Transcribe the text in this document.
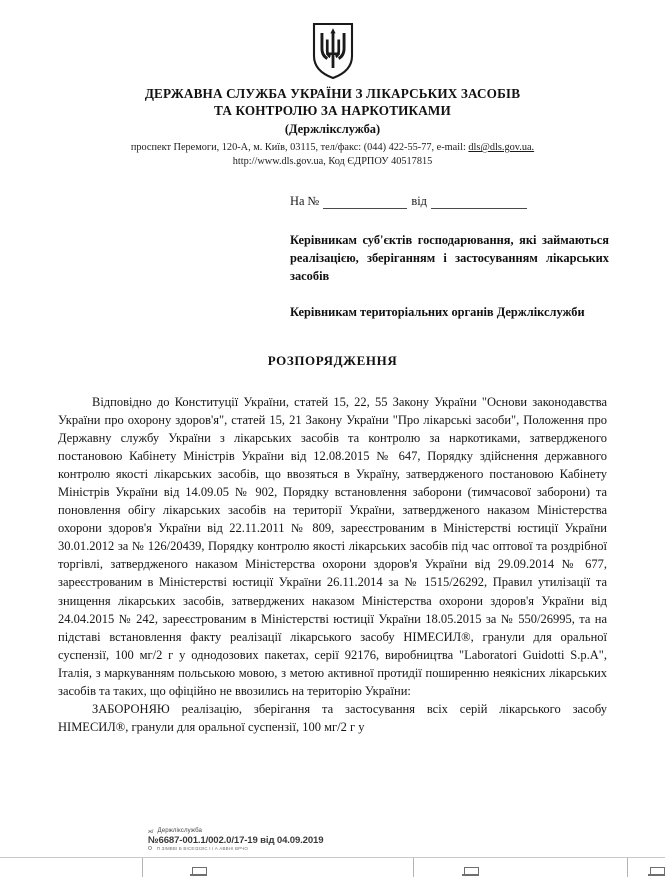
ДЕРЖАВНА СЛУЖБА УКРАЇНИ З ЛІКАРСЬКИХ ЗАСОБІВ
ТА КОНТРОЛЮ ЗА НАРКОТИКАМИ
(Держлікслужба)
проспект Перемоги, 120-А, м. Київ, 03115, тел/факс: (044) 422-55-77, e-mail: dls@dls.gov.ua.
http://www.dls.gov.ua, Код ЄДРПОУ 40517815
На №	від
Керівникам суб'єктів господарювання, які займаються реалізацією, зберіганням і застосуванням лікарських засобів
Керівникам територіальних органів Держлікслужби
РОЗПОРЯДЖЕННЯ

Відповідно до Конституції України, статей 15, 22, 55 Закону України "Основи законодавства України про охорону здоров'я", статей 15, 21 Закону України "Про лікарські засоби", Положення про Державну службу України з лікарських засобів та контролю за наркотиками, затвердженого постановою Кабінету Міністрів України від 12.08.2015 № 647, Порядку здійснення державного контролю якості лікарських засобів, що ввозяться в Україну, затвердженого постановою Кабінету Міністрів України від 14.09.05 № 902, Порядку встановлення заборони (тимчасової заборони) та поновлення обігу лікарських засобів на території України, затвердженого наказом Міністерства охорони здоров'я України від 22.11.2011 № 809, зареєстрованим в Міністерстві юстиції України 30.01.2012 за № 126/20439, Порядку контролю якості лікарських засобів під час оптової та роздрібної торгівлі, затвердженого наказом Міністерства охорони здоров'я України від 29.09.2014 № 677, зареєстрованим в Міністерстві юстиції України 26.11.2014 за № 1515/26292, Правил утилізації та знищення лікарських засобів, затверджених наказом Міністерства охорони здоров'я України від 24.04.2015 № 242, зареєстрованим в Міністерстві юстиції України 18.05.2015 за № 550/26995, та на підставі встановлення факту реалізації лікарського засобу НІМЕСИЛ®, гранули для оральної суспензії, 100 мг/2 г у однодозових пакетах, серії 92176, виробництва "Laboratori Guidotti S.p.A", Італія, з маркуванням польською мовою, з метою активної протидії поширенню неякісних лікарських засобів та таких, що офіційно не ввозились на територію України:

ЗАБОРОНЯЮ реалізацію, зберігання та застосування всіх серій лікарського засобу НІМЕСИЛ®, гранули для оральної суспензії, 100 мг/2 г у

ЖЇ Держлікслужба
№6687-001.1/002.0/17-19 від 04.09.2019
О П ЗІМВВІ Б ВІСЕІЗІЗІС І І А АВВНІ ВРЧО
